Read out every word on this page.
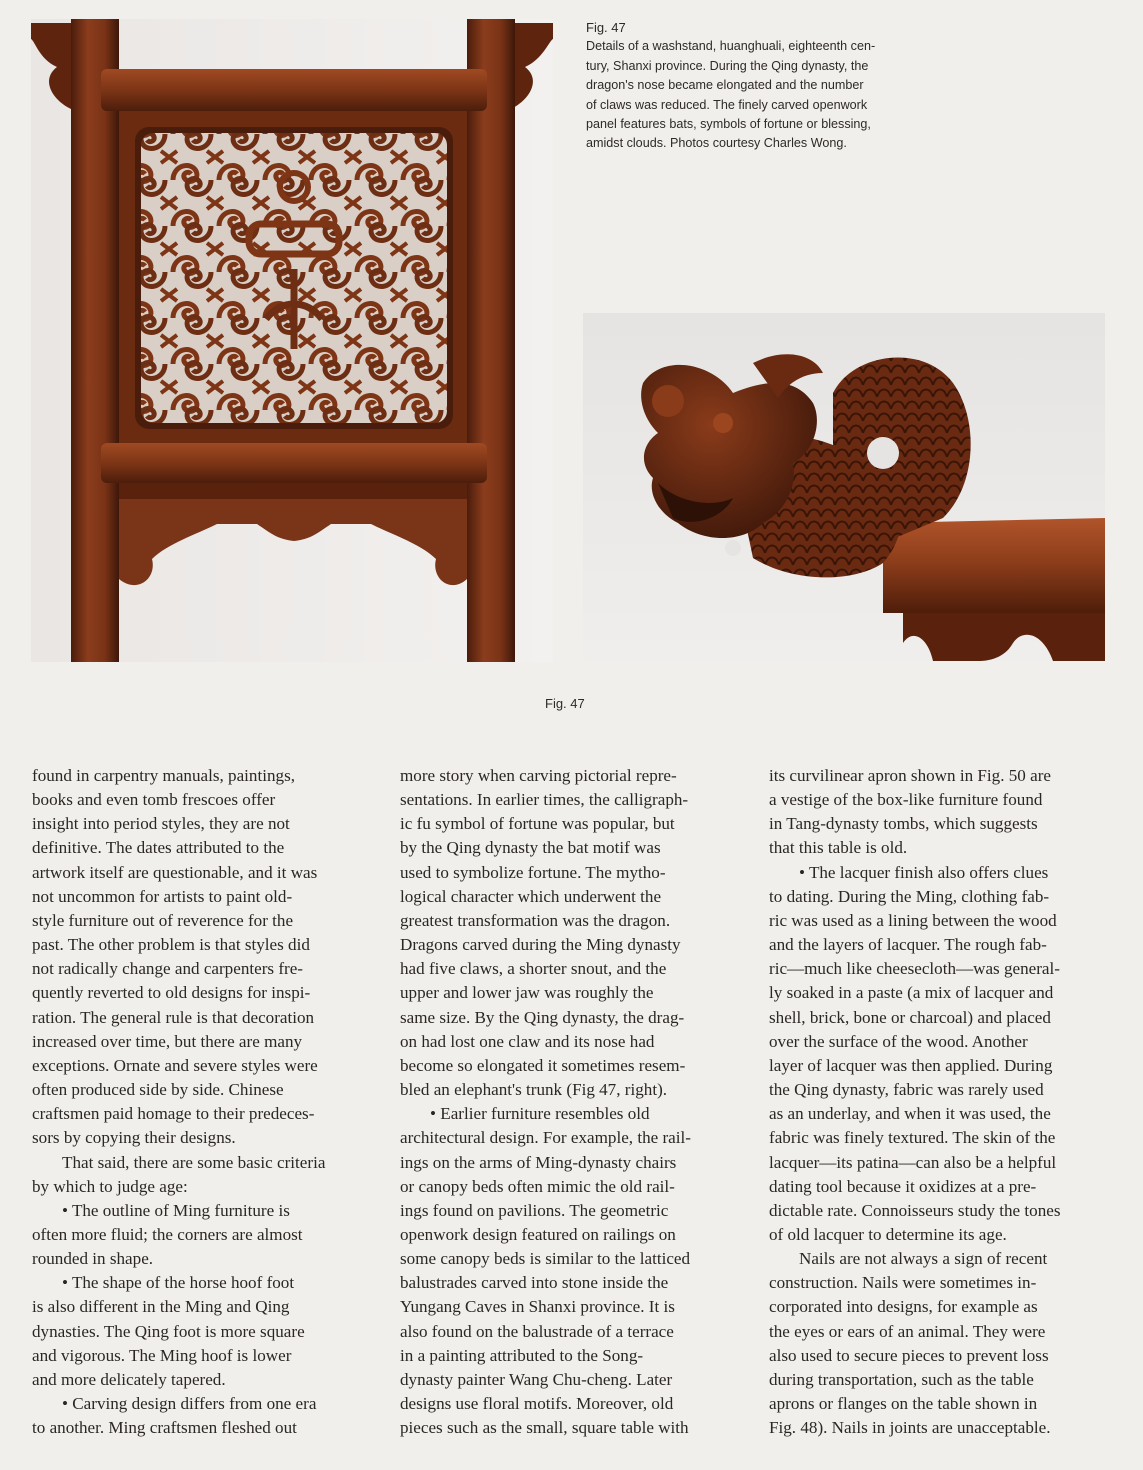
Fig. 47

Details of a washstand, huanghuali, eighteenth cen-

tury, Shanxi province. During the Qing dynasty, the

dragon's nose became elongated and the number

of claws was reduced. The finely carved openwork

panel features bats, symbols of fortune or blessing,

amidst clouds. Photos courtesy Charles Wong.

Fig. 47

found in carpentry manuals, paintings,

books and even tomb frescoes offer

insight into period styles, they are not

definitive. The dates attributed to the

artwork itself are questionable, and it was

not uncommon for artists to paint old-

style furniture out of reverence for the

past. The other problem is that styles did

not radically change and carpenters fre-

quently reverted to old designs for inspi-

ration. The general rule is that decoration

increased over time, but there are many

exceptions. Ornate and severe styles were

often produced side by side. Chinese

craftsmen paid homage to their predeces-

sors by copying their designs.

That said, there are some basic criteria

by which to judge age:

• The outline of Ming furniture is

often more fluid; the corners are almost

rounded in shape.

• The shape of the horse hoof foot

is also different in the Ming and Qing

dynasties. The Qing foot is more square

and vigorous. The Ming hoof is lower

and more delicately tapered.

• Carving design differs from one era

to another. Ming craftsmen fleshed out

more story when carving pictorial repre-

sentations. In earlier times, the calligraph-

ic fu symbol of fortune was popular, but

by the Qing dynasty the bat motif was

used to symbolize fortune. The mytho-

logical character which underwent the

greatest transformation was the dragon.

Dragons carved during the Ming dynasty

had five claws, a shorter snout, and the

upper and lower jaw was roughly the

same size. By the Qing dynasty, the drag-

on had lost one claw and its nose had

become so elongated it sometimes resem-

bled an elephant's trunk (Fig 47, right).

• Earlier furniture resembles old

architectural design. For example, the rail-

ings on the arms of Ming-dynasty chairs

or canopy beds often mimic the old rail-

ings found on pavilions. The geometric

openwork design featured on railings on

some canopy beds is similar to the latticed

balustrades carved into stone inside the

Yungang Caves in Shanxi province. It is

also found on the balustrade of a terrace

in a painting attributed to the Song-

dynasty painter Wang Chu-cheng. Later

designs use floral motifs. Moreover, old

pieces such as the small, square table with

its curvilinear apron shown in Fig. 50 are

a vestige of the box-like furniture found

in Tang-dynasty tombs, which suggests

that this table is old.

• The lacquer finish also offers clues

to dating. During the Ming, clothing fab-

ric was used as a lining between the wood

and the layers of lacquer. The rough fab-

ric—much like cheesecloth—was general-

ly soaked in a paste (a mix of lacquer and

shell, brick, bone or charcoal) and placed

over the surface of the wood. Another

layer of lacquer was then applied. During

the Qing dynasty, fabric was rarely used

as an underlay, and when it was used, the

fabric was finely textured. The skin of the

lacquer—its patina—can also be a helpful

dating tool because it oxidizes at a pre-

dictable rate. Connoisseurs study the tones

of old lacquer to determine its age.

Nails are not always a sign of recent

construction. Nails were sometimes in-

corporated into designs, for example as

the eyes or ears of an animal. They were

also used to secure pieces to prevent loss

during transportation, such as the table

aprons or flanges on the table shown in

Fig. 48). Nails in joints are unacceptable.
